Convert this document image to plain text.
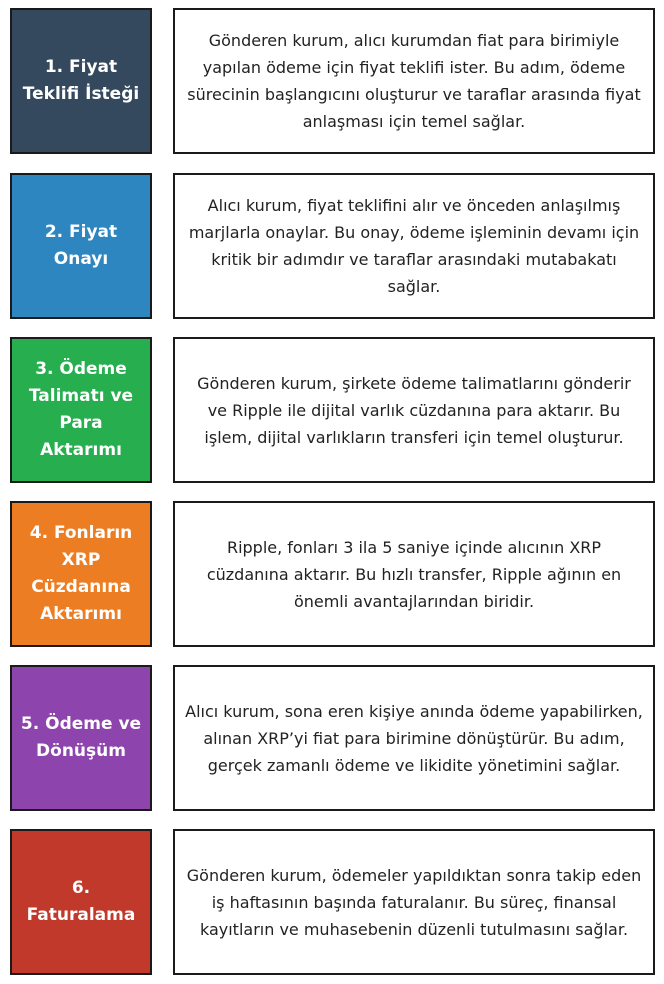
1. Fiyat Teklifi İsteği
Gönderen kurum, alıcı kurumdan fiat para birimiyle yapılan ödeme için fiyat teklifi ister. Bu adım, ödeme sürecinin başlangıcını oluşturur ve taraflar arasında fiyat anlaşması için temel sağlar.
2. Fiyat Onayı
Alıcı kurum, fiyat teklifini alır ve önceden anlaşılmış marjlarla onaylar. Bu onay, ödeme işleminin devamı için kritik bir adımdır ve taraflar arasındaki mutabakatı sağlar.
3. Ödeme Talimatı ve Para Aktarımı
Gönderen kurum, şirkete ödeme talimatlarını gönderir ve Ripple ile dijital varlık cüzdanına para aktarır. Bu işlem, dijital varlıkların transferi için temel oluşturur.
4. Fonların XRP Cüzdanına Aktarımı
Ripple, fonları 3 ila 5 saniye içinde alıcının XRP cüzdanına aktarır. Bu hızlı transfer, Ripple ağının en önemli avantajlarından biridir.
5. Ödeme ve Dönüşüm
Alıcı kurum, sona eren kişiye anında ödeme yapabilirken, alınan XRP’yi fiat para birimine dönüştürür. Bu adım, gerçek zamanlı ödeme ve likidite yönetimini sağlar.
6. Faturalama
Gönderen kurum, ödemeler yapıldıktan sonra takip eden iş haftasının başında faturalanır. Bu süreç, finansal kayıtların ve muhasebenin düzenli tutulmasını sağlar.
